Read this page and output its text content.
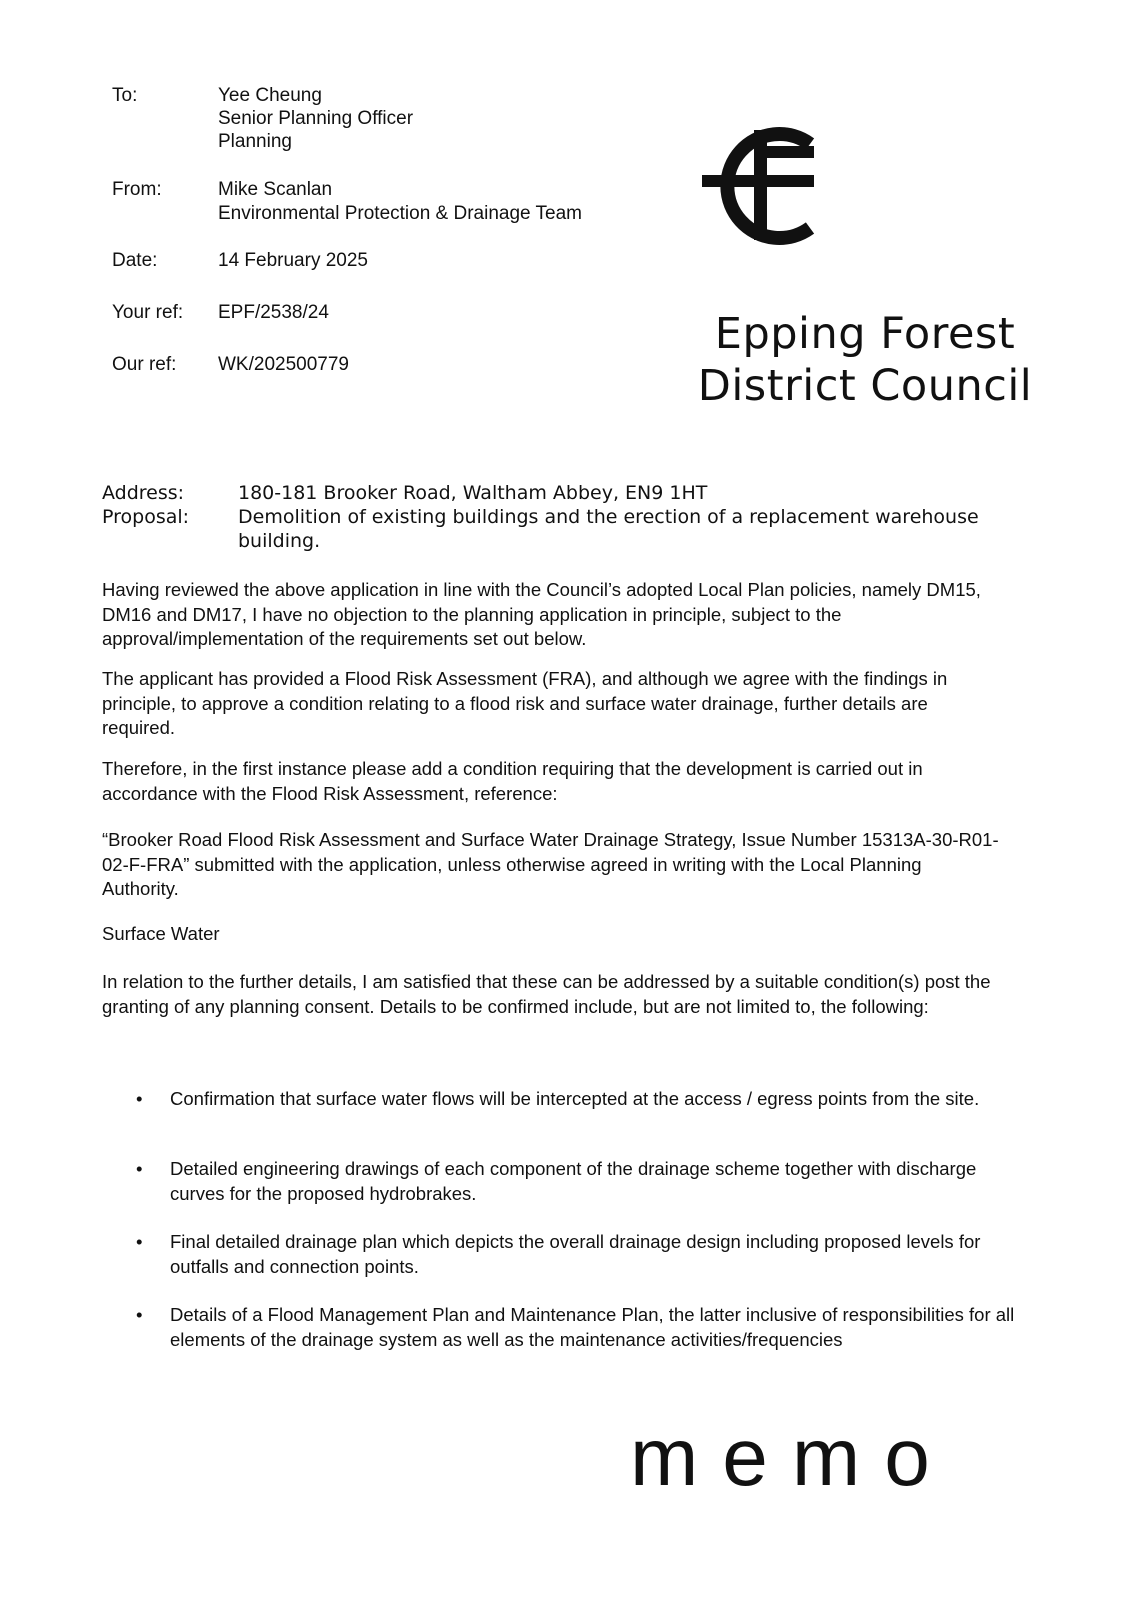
To:	Yee Cheung
Senior Planning Officer
Planning
From:	Mike Scanlan
Environmental Protection & Drainage Team
Date:	14 February 2025
Your ref: EPF/2538/24
Our ref: WK/202500779
Epping Forest
District Council
Address:	180-181 Brooker Road, Waltham Abbey, EN9 1HT
Proposal:	Demolition of existing buildings and the erection of a replacement warehouse building.

Having reviewed the above application in line with the Council’s adopted Local Plan policies, namely DM15, DM16 and DM17, I have no objection to the planning application in principle, subject to the approval/implementation of the requirements set out below.

The applicant has provided a Flood Risk Assessment (FRA), and although we agree with the findings in principle, to approve a condition relating to a flood risk and surface water drainage, further details are required.

Therefore, in the first instance please add a condition requiring that the development is carried out in accordance with the Flood Risk Assessment, reference:

“Brooker Road Flood Risk Assessment and Surface Water Drainage Strategy, Issue Number 15313A-30-R01-02-F-FRA” submitted with the application, unless otherwise agreed in writing with the Local Planning Authority.

Surface Water

In relation to the further details, I am satisfied that these can be addressed by a suitable condition(s) post the granting of any planning consent. Details to be confirmed include, but are not limited to, the following:

• Confirmation that surface water flows will be intercepted at the access / egress points from the site.
• Detailed engineering drawings of each component of the drainage scheme together with discharge curves for the proposed hydrobrakes.
• Final detailed drainage plan which depicts the overall drainage design including proposed levels for outfalls and connection points.
• Details of a Flood Management Plan and Maintenance Plan, the latter inclusive of responsibilities for all elements of the drainage system as well as the maintenance activities/frequencies
memo
